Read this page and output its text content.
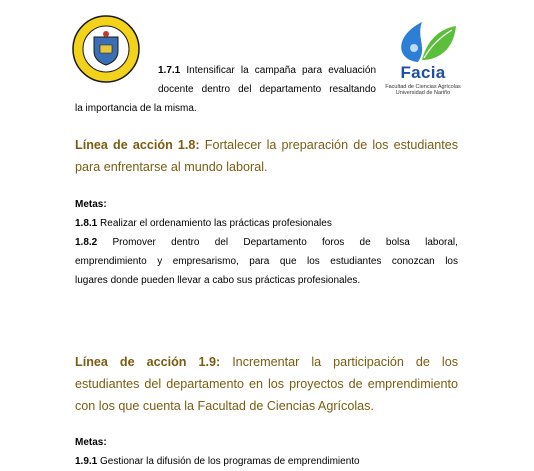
Facia
Facultad de Ciencias Agrícolas
Universidad de Nariño
1.7.1 Intensificar la campaña para evaluación
docente dentro del departamento resaltando
la importancia de la misma.
Línea de acción 1.8: Fortalecer la preparación de los estudiantes
para enfrentarse al mundo laboral.
Metas:
1.8.1 Realizar el ordenamiento las prácticas profesionales
1.8.2 Promover dentro del Departamento foros de bolsa laboral,
emprendimiento y empresarismo, para que los estudiantes conozcan los
lugares donde pueden llevar a cabo sus prácticas profesionales.
Línea de acción 1.9: Incrementar la participación de los
estudiantes del departamento en los proyectos de emprendimiento
con los que cuenta la Facultad de Ciencias Agrícolas.
Metas:
1.9.1 Gestionar la difusión de los programas de emprendimiento
